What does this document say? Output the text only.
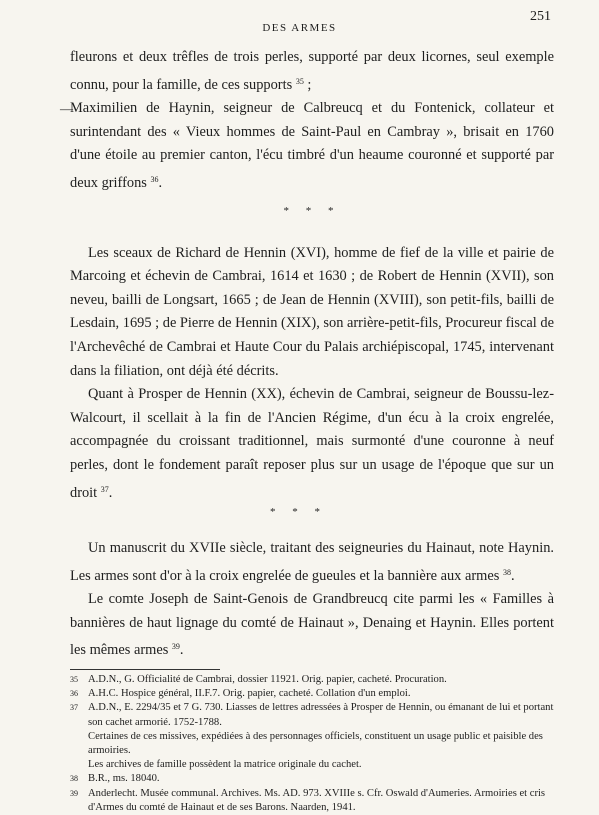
DES ARMES
251

fleurons et deux trêfles de trois perles, supporté par deux licornes, seul exemple connu, pour la famille, de ces supports $^{35}$ ;

—
Maximilien de Haynin, seigneur de Calbreucq et du Fontenick, collateur et surintendant des « Vieux hommes de Saint-Paul en Cambray », brisait en 1760 d'une étoile au premier canton, l'écu timbré d'un heaume couronné et supporté par deux griffons $^{36}$.

* * *

Les sceaux de Richard de Hennin (XVI), homme de fief de la ville et pairie de Marcoing et échevin de Cambrai, 1614 et 1630 ; de Robert de Hennin (XVII), son neveu, bailli de Longsart, 1665 ; de Jean de Hennin (XVIII), son petit-fils, bailli de Lesdain, 1695 ; de Pierre de Hennin (XIX), son arrière-petit-fils, Procureur fiscal de l'Archevêché de Cambrai et Haute Cour du Palais archiépiscopal, 1745, intervenant dans la filiation, ont déjà été décrits.

Quant à Prosper de Hennin (XX), échevin de Cambrai, seigneur de Boussu-lez-Walcourt, il scellait à la fin de l'Ancien Régime, d'un écu à la croix engrelée, accompagnée du croissant traditionnel, mais surmonté d'une couronne à neuf perles, dont le fondement paraît reposer plus sur un usage de l'époque que sur un droit $^{37}$.

* * *

Un manuscrit du XVIIe siècle, traitant des seigneuries du Hainaut, note Haynin. Les armes sont d'or à la croix engrelée de gueules et la bannière aux armes $^{38}$.

Le comte Joseph de Saint-Genois de Grandbreucq cite parmi les « Familles à bannières de haut lignage du comté de Hainaut », Denaing et Haynin. Elles portent les mêmes armes $^{39}$.

35 A.D.N., G. Officialité de Cambrai, dossier 11921. Orig. papier, cacheté. Procuration.
36 A.H.C. Hospice général, II.F.7. Orig. papier, cacheté. Collation d'un emploi.
37 A.D.N., E. 2294/35 et 7 G. 730. Liasses de lettres adressées à Prosper de Hennin, ou émanant de lui et portant son cachet armorié. 1752-1788.
Certaines de ces missives, expédiées à des personnages officiels, constituent un usage public et paisible des armoiries.
Les archives de famille possèdent la matrice originale du cachet.
38 B.R., ms. 18040.
39 Anderlecht. Musée communal. Archives. Ms. AD. 973. XVIIIe s. Cfr. Oswald d'Aumeries. Armoiries et cris d'Armes du comté de Hainaut et de ses Barons. Naarden, 1941.
